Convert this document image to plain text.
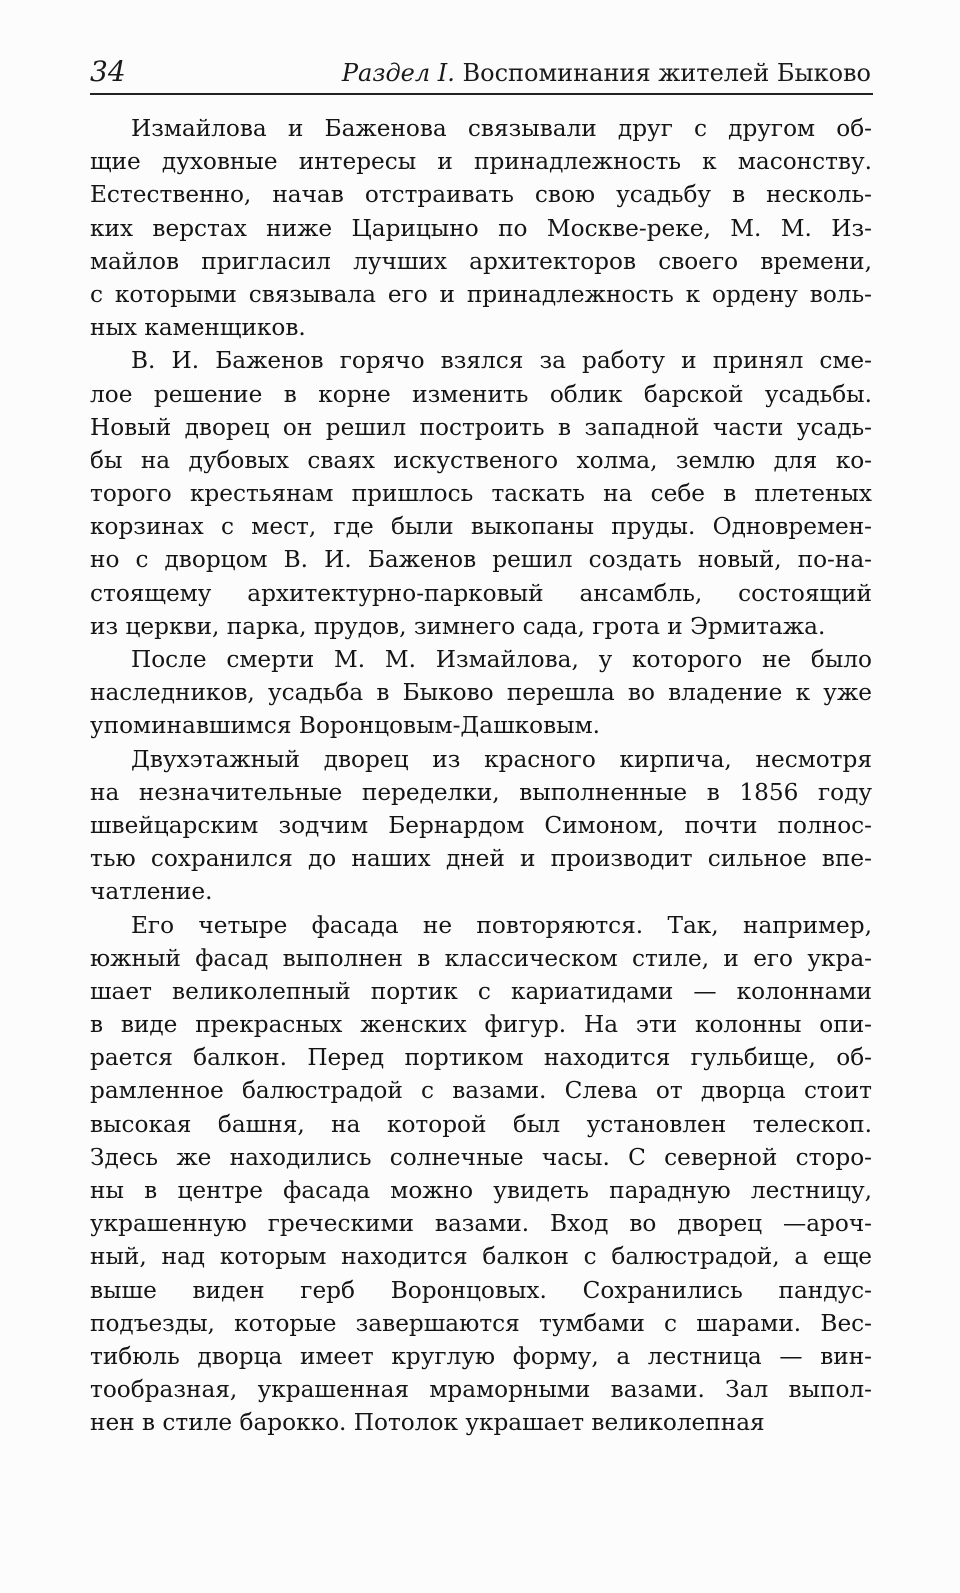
34	Раздел I. Воспоминания жителей Быково
Измайлова и Баженова связывали друг с другом об-
щие духовные интересы и принадлежность к масонству.
Естественно, начав отстраивать свою усадьбу в несколь-
ких верстах ниже Царицыно по Москве-реке, М. М. Из-
майлов пригласил лучших архитекторов своего времени,
с которыми связывала его и принадлежность к ордену воль-
ных каменщиков.
В. И. Баженов горячо взялся за работу и принял сме-
лое решение в корне изменить облик барской усадьбы.
Новый дворец он решил построить в западной части усадь-
бы на дубовых сваях искуственого холма, землю для ко-
торого крестьянам пришлось таскать на себе в плетеных
корзинах с мест, где были выкопаны пруды. Одновремен-
но с дворцом В. И. Баженов решил создать новый, по-на-
стоящему архитектурно-парковый ансамбль, состоящий
из церкви, парка, прудов, зимнего сада, грота и Эрмитажа.
После смерти М. М. Измайлова, у которого не было
наследников, усадьба в Быково перешла во владение к уже
упоминавшимся Воронцовым-Дашковым.
Двухэтажный дворец из красного кирпича, несмотря
на незначительные переделки, выполненные в 1856 году
швейцарским зодчим Бернардом Симоном, почти полнос-
тью сохранился до наших дней и производит сильное впе-
чатление.
Его четыре фасада не повторяются. Так, например,
южный фасад выполнен в классическом стиле, и его укра-
шает великолепный портик с кариатидами — колоннами
в виде прекрасных женских фигур. На эти колонны опи-
рается балкон. Перед портиком находится гульбище, об-
рамленное балюстрадой с вазами. Слева от дворца стоит
высокая башня, на которой был установлен телескоп.
Здесь же находились солнечные часы. С северной сторо-
ны в центре фасада можно увидеть парадную лестницу,
украшенную греческими вазами. Вход во дворец —ароч-
ный, над которым находится балкон с балюстрадой, а еще
выше виден герб Воронцовых. Сохранились пандус-
подъезды, которые завершаются тумбами с шарами. Вес-
тибюль дворца имеет круглую форму, а лестница — вин-
тообразная, украшенная мраморными вазами. Зал выпол-
нен в стиле барокко. Потолок украшает великолепная
